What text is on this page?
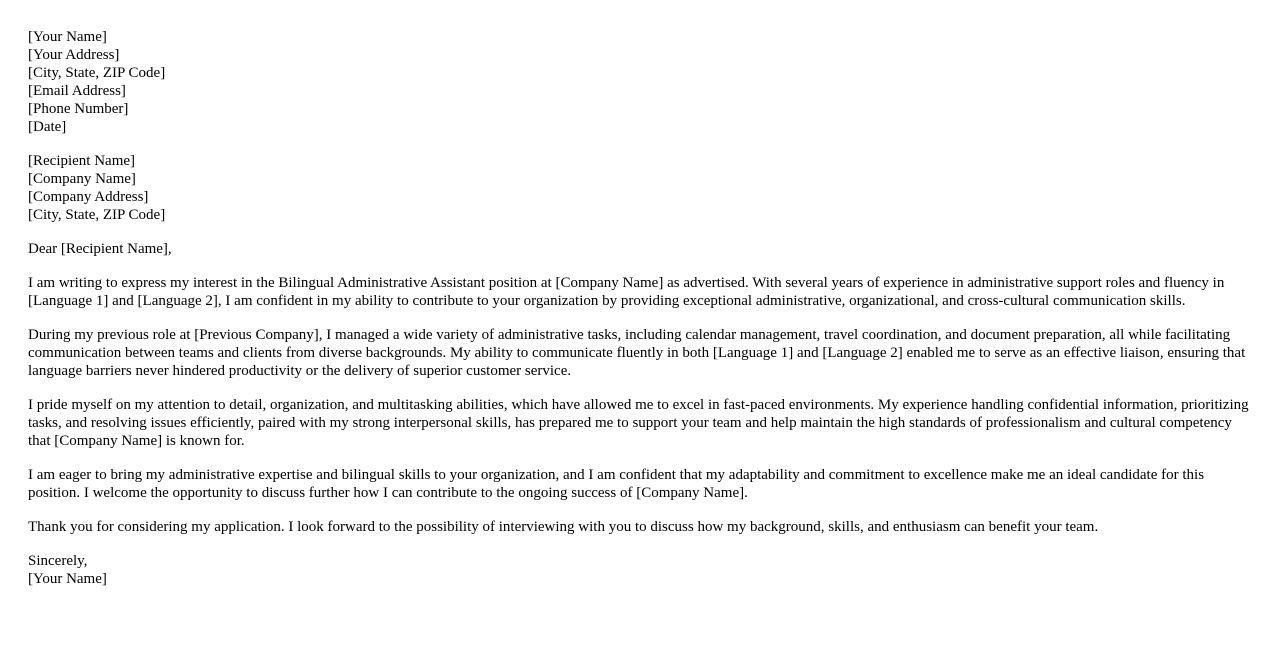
[Your Name]
[Your Address]
[City, State, ZIP Code]
[Email Address]
[Phone Number]
[Date]
[Recipient Name]
[Company Name]
[Company Address]
[City, State, ZIP Code]

Dear [Recipient Name],

I am writing to express my interest in the Bilingual Administrative Assistant position at [Company Name] as advertised. With several years of experience in administrative support roles and fluency in [Language 1] and [Language 2], I am confident in my ability to contribute to your organization by providing exceptional administrative, organizational, and cross-cultural communication skills.

During my previous role at [Previous Company], I managed a wide variety of administrative tasks, including calendar management, travel coordination, and document preparation, all while facilitating communication between teams and clients from diverse backgrounds. My ability to communicate fluently in both [Language 1] and [Language 2] enabled me to serve as an effective liaison, ensuring that language barriers never hindered productivity or the delivery of superior customer service.

I pride myself on my attention to detail, organization, and multitasking abilities, which have allowed me to excel in fast-paced environments. My experience handling confidential information, prioritizing tasks, and resolving issues efficiently, paired with my strong interpersonal skills, has prepared me to support your team and help maintain the high standards of professionalism and cultural competency that [Company Name] is known for.

I am eager to bring my administrative expertise and bilingual skills to your organization, and I am confident that my adaptability and commitment to excellence make me an ideal candidate for this position. I welcome the opportunity to discuss further how I can contribute to the ongoing success of [Company Name].

Thank you for considering my application. I look forward to the possibility of interviewing with you to discuss how my background, skills, and enthusiasm can benefit your team.

Sincerely,
[Your Name]
